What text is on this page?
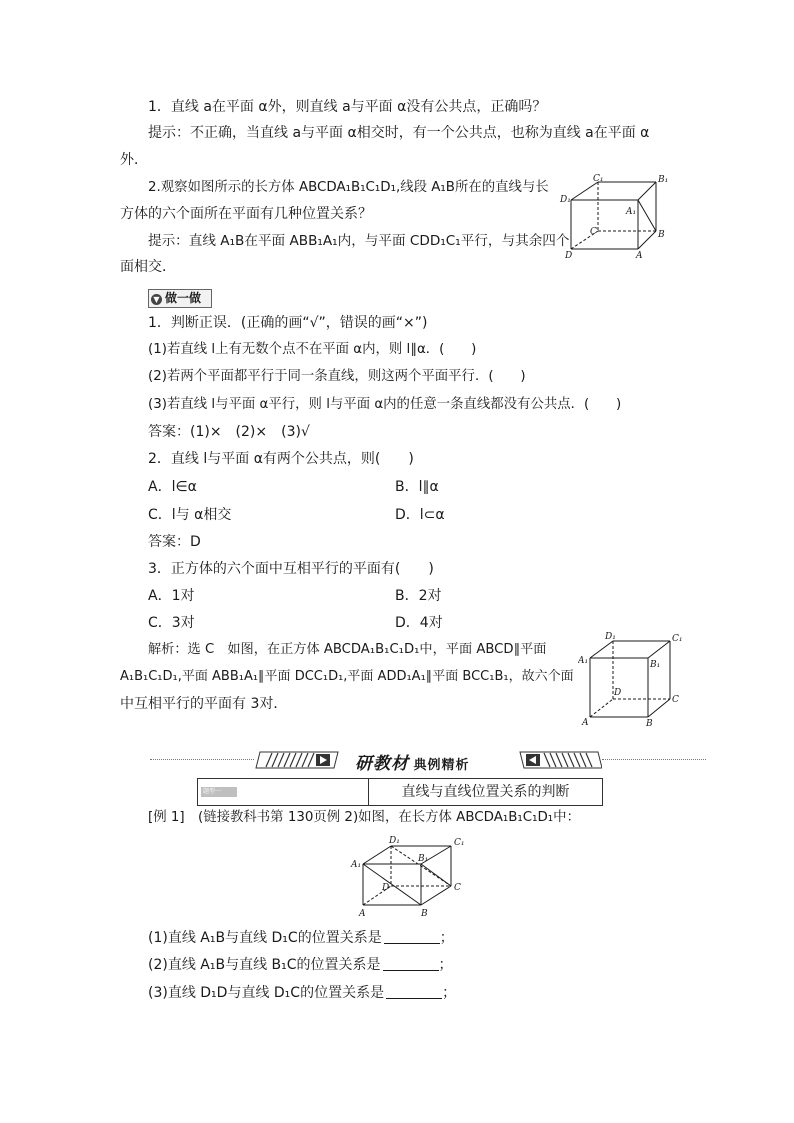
1．直线 a在平面 α外，则直线 a与平面 α没有公共点，正确吗？
提示：不正确，当直线 a与平面 α相交时，有一个公共点，也称为直线 a在平面 α
外．
2.观察如图所示的长方体 ABCDA₁B₁C₁D₁,线段 A₁B所在的直线与长
方体的六个面所在平面有几种位置关系？
提示：直线 A₁B在平面 ABB₁A₁内，与平面 CDD₁C₁平行，与其余四个
面相交．
C₁	B₁
D₁
A₁
C	B
D	A
▼ 做一做
1．判断正误．(正确的画“√”，错误的画“×”)
(1)若直线 l上有无数个点不在平面 α内，则 l∥α．(　　)
(2)若两个平面都平行于同一条直线，则这两个平面平行．(　　)
(3)若直线 l与平面 α平行，则 l与平面 α内的任意一条直线都没有公共点．(　　)
答案：(1)×　(2)×　(3)√
2．直线 l与平面 α有两个公共点，则(　　)
A．l∈α	B．l∥α
C．l与 α相交	D．l⊂α
答案：D
3．正方体的六个面中互相平行的平面有(　　)
A．1对	B．2对
C．3对	D．4对
解析：选 C　如图，在正方体 ABCDA₁B₁C₁D₁中，平面 ABCD∥平面
A₁B₁C₁D₁,平面 ABB₁A₁∥平面 DCC₁D₁,平面 ADD₁A₁∥平面 BCC₁B₁，故六个面
中互相平行的平面有 3对．
D₁	C₁
A₁	B₁
D
C
A	B
研教材 典例精析
题型一	直线与直线位置关系的判断
[例 1]　(链接教科书第 130页例 2)如图，在长方体 ABCDA₁B₁C₁D₁中：
D₁	C₁
A₁
B₁
D	C
A	B
(1)直线 A₁B与直线 D₁C的位置关系是	；
(2)直线 A₁B与直线 B₁C的位置关系是	；
(3)直线 D₁D与直线 D₁C的位置关系是	；
